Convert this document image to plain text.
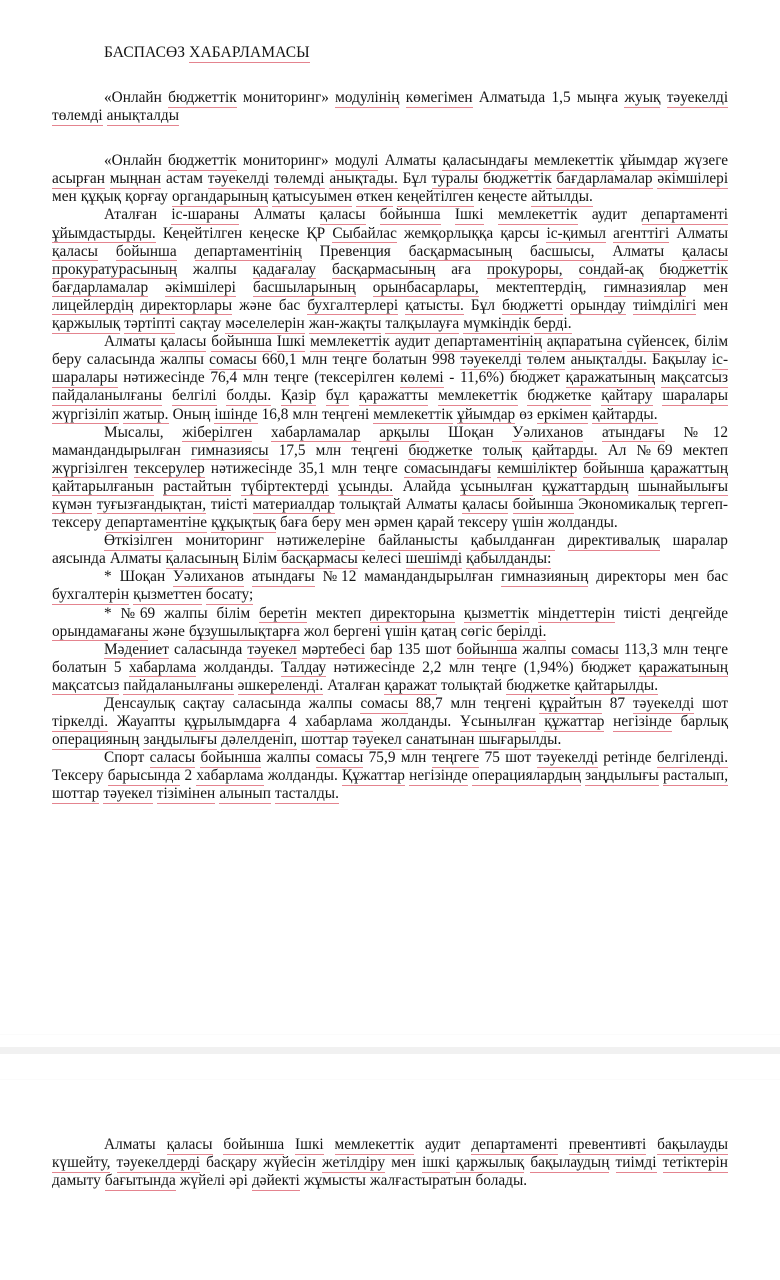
БАСПАСӨЗ ХАБАРЛАМАСЫ

«Онлайн бюджеттік мониторинг» модулінің көмегімен Алматыда 1,5 мыңға жуық тәуекелді төлемді анықталды

«Онлайн бюджеттік мониторинг» модулі Алматы қаласындағы мемлекеттік ұйымдар жүзеге асырған мыңнан астам тәуекелді төлемді анықтады. Бұл туралы бюджеттік бағдарламалар әкімшілері мен құқық қорғау органдарының қатысуымен өткен кеңейтілген кеңесте айтылды.

Аталған іс-шараны Алматы қаласы бойынша Ішкі мемлекеттік аудит департаменті ұйымдастырды. Кеңейтілген кеңеске ҚР Сыбайлас жемқорлыққа қарсы іс-қимыл агенттігі Алматы қаласы бойынша департаментінің Превенция басқармасының басшысы, Алматы қаласы прокуратурасының жалпы қадағалау басқармасының аға прокуроры, сондай-ақ бюджеттік бағдарламалар әкімшілері басшыларының орынбасарлары, мектептердің, гимназиялар мен лицейлердің директорлары және бас бухгалтерлері қатысты. Бұл бюджетті орындау тиімділігі мен қаржылық тәртіпті сақтау мәселелерін жан-жақты талқылауға мүмкіндік берді.

Алматы қаласы бойынша Ішкі мемлекеттік аудит департаментінің ақпаратына сүйенсек, білім беру саласында жалпы сомасы 660,1 млн теңге болатын 998 тәуекелді төлем анықталды. Бақылау іс-шаралары нәтижесінде 76,4 млн теңге (тексерілген көлемі - 11,6%) бюджет қаражатының мақсатсыз пайдаланылғаны белгілі болды. Қазір бұл қаражатты мемлекеттік бюджетке қайтару шаралары жүргізіліп жатыр. Оның ішінде 16,8 млн теңгені мемлекеттік ұйымдар өз еркімен қайтарды.

Мысалы, жіберілген хабарламалар арқылы Шоқан Уәлиханов атындағы №12 мамандандырылған гимназиясы 17,5 млн теңгені бюджетке толық қайтарды. Ал №69 мектеп жүргізілген тексерулер нәтижесінде 35,1 млн теңге сомасындағы кемшіліктер бойынша қаражаттың қайтарылғанын растайтын түбіртектерді ұсынды. Алайда ұсынылған құжаттардың шынайылығы күмән туғызғандықтан, тиісті материалдар толықтай Алматы қаласы бойынша Экономикалық тергеп-тексеру департаментіне құқықтық баға беру мен әрмен қарай тексеру үшін жолданды.

Өткізілген мониторинг нәтижелеріне байланысты қабылданған директивалық шаралар аясында Алматы қаласының Білім басқармасы келесі шешімді қабылданды:

* Шоқан Уәлиханов атындағы №12 мамандандырылған гимназияның директоры мен бас бухгалтерін қызметтен босату;

* №69 жалпы білім беретін мектеп директорына қызметтік міндеттерін тиісті деңгейде орындамағаны және бұзушылықтарға жол бергені үшін қатаң сөгіс берілді.

Мәдениет саласында тәуекел мәртебесі бар 135 шот бойынша жалпы сомасы 113,3 млн теңге болатын 5 хабарлама жолданды. Талдау нәтижесінде 2,2 млн теңге (1,94%) бюджет қаражатының мақсатсыз пайдаланылғаны әшкереленді. Аталған қаражат толықтай бюджетке қайтарылды.

Денсаулық сақтау саласында жалпы сомасы 88,7 млн теңгені құрайтын 87 тәуекелді шот тіркелді. Жауапты құрылымдарға 4 хабарлама жолданды. Ұсынылған құжаттар негізінде барлық операцияның заңдылығы дәлелденіп, шоттар тәуекел санатынан шығарылды.

Спорт саласы бойынша жалпы сомасы 75,9 млн теңгеге 75 шот тәуекелді ретінде белгіленді. Тексеру барысында 2 хабарлама жолданды. Құжаттар негізінде операциялардың заңдылығы расталып, шоттар тәуекел тізімінен алынып тасталды.

Алматы қаласы бойынша Ішкі мемлекеттік аудит департаменті превентивті бақылауды күшейту, тәуекелдерді басқару жүйесін жетілдіру мен ішкі қаржылық бақылаудың тиімді тетіктерін дамыту бағытында жүйелі әрі дәйекті жұмысты жалғастыратын болады.
